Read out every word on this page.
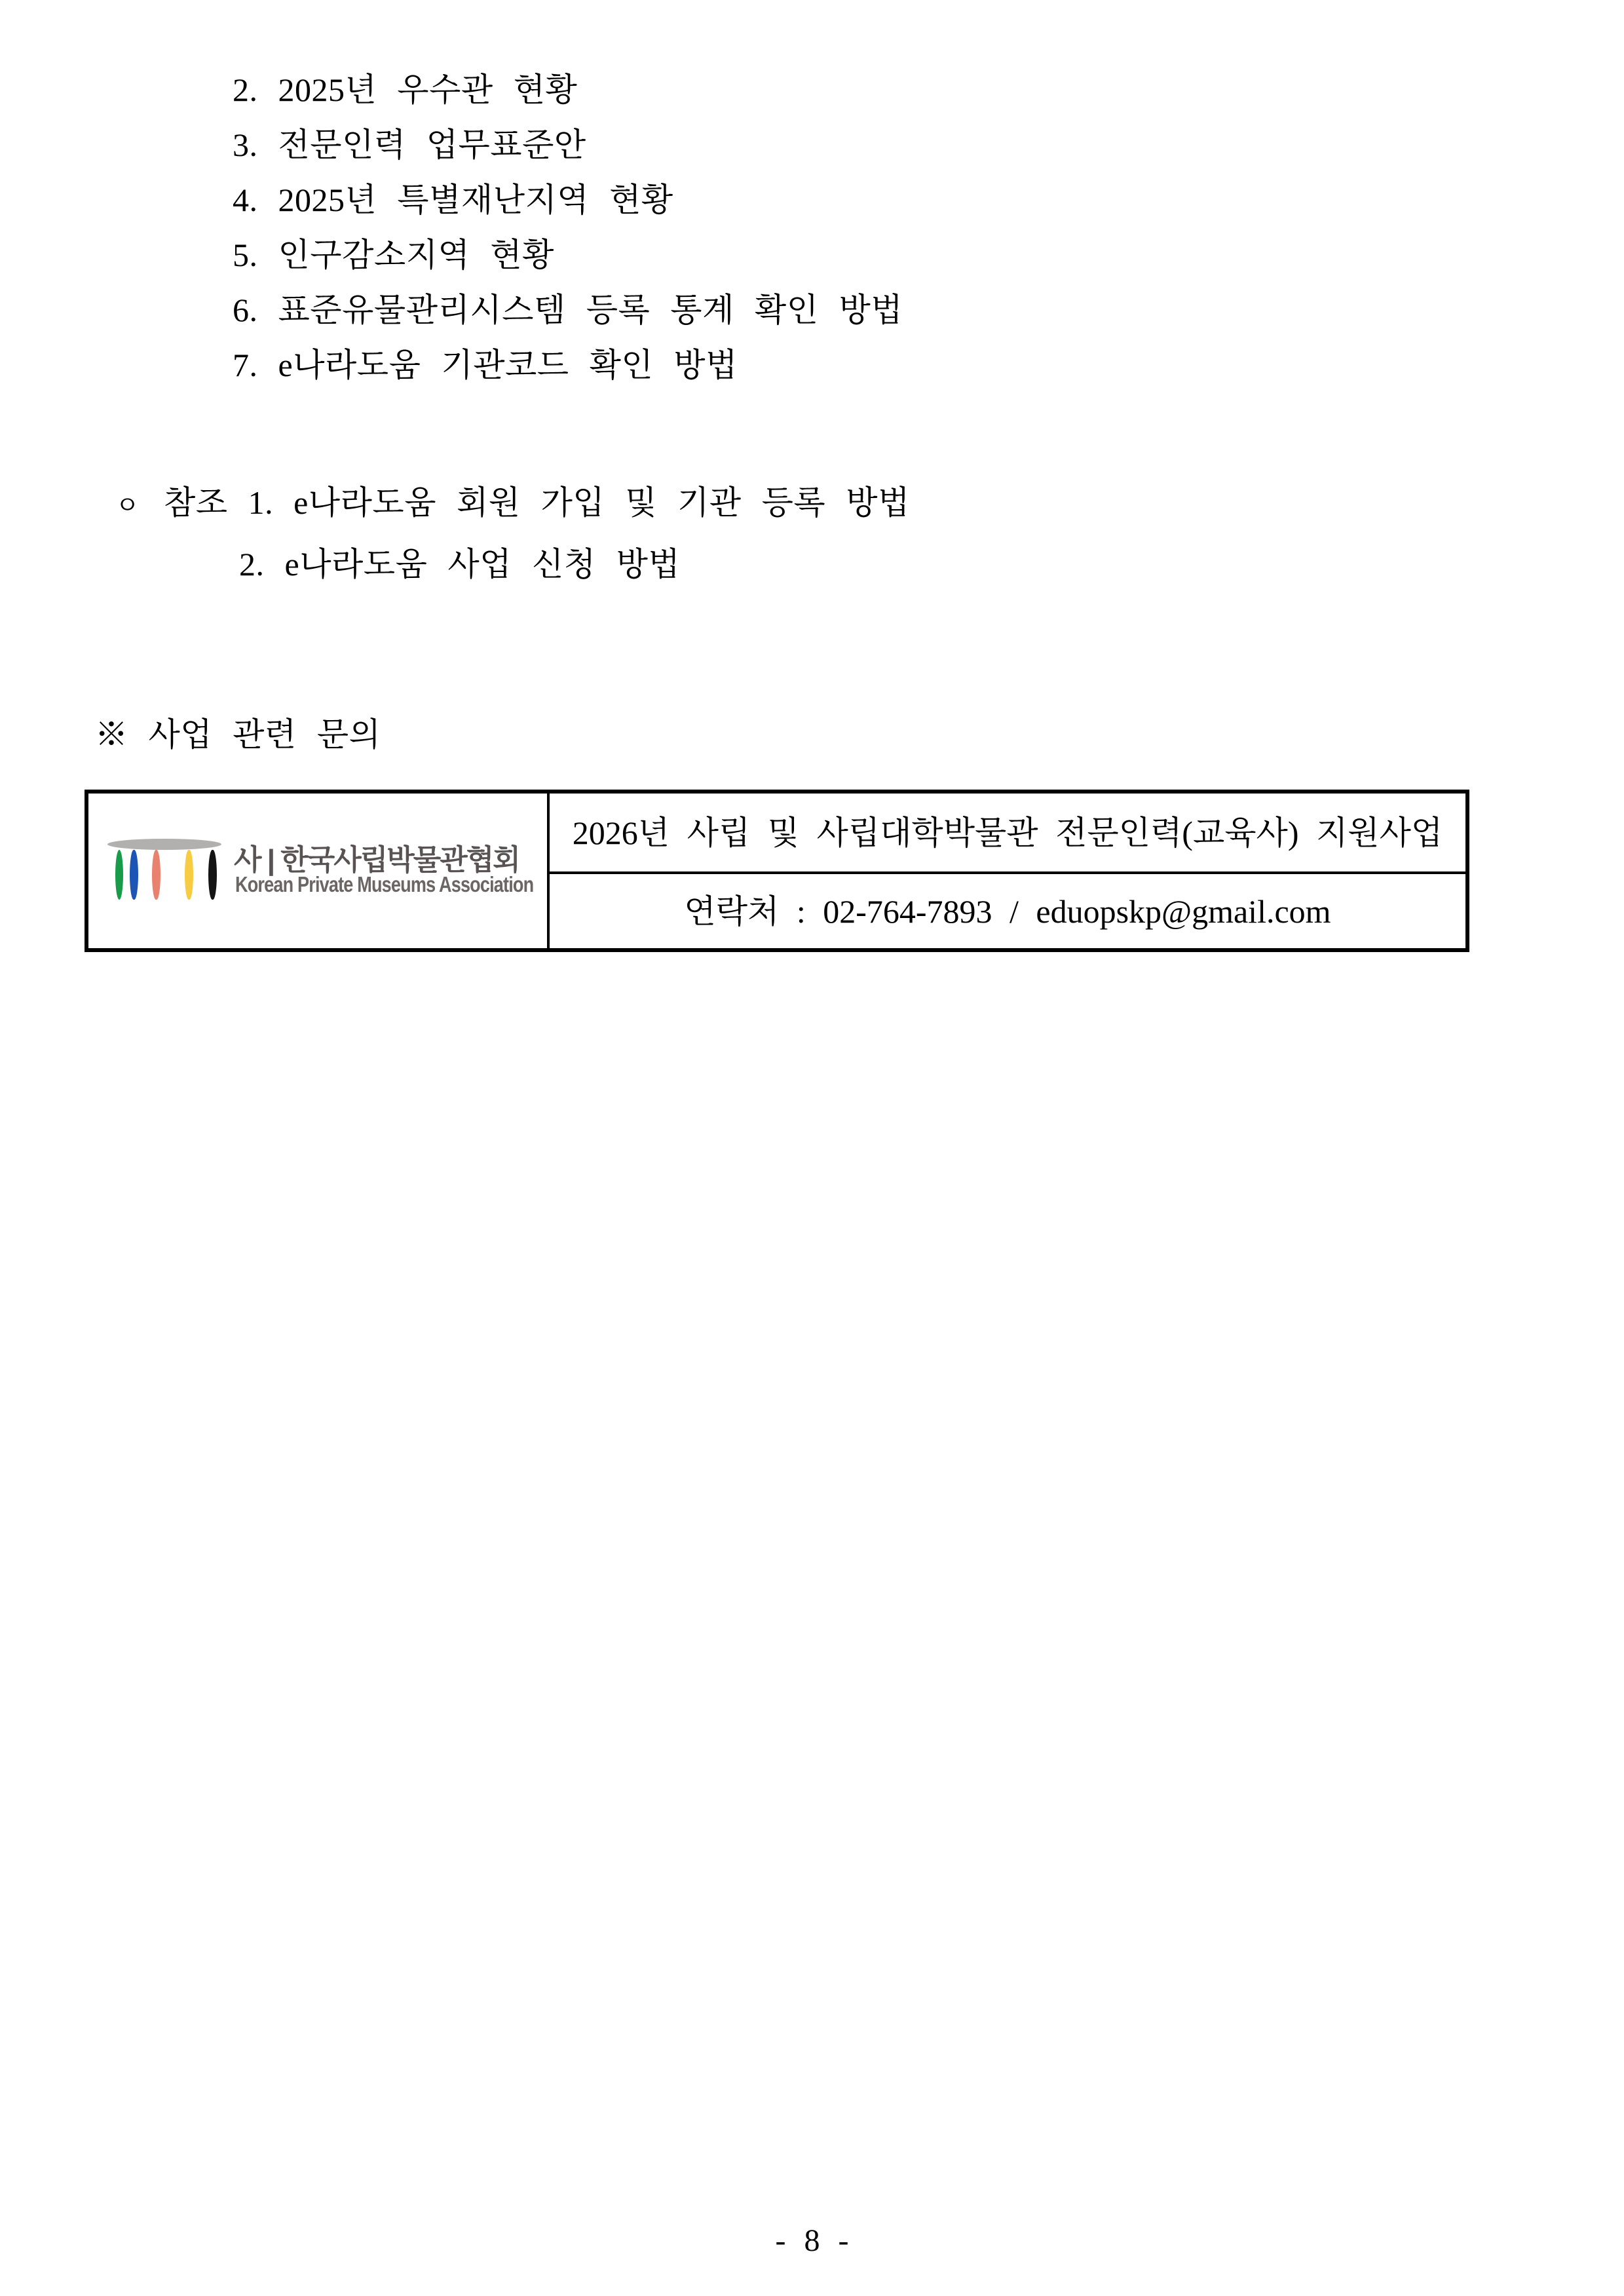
2. 2025년 우수관 현황
3. 전문인력 업무표준안
4. 2025년 특별재난지역 현황
5. 인구감소지역 현황
6. 표준유물관리시스템 등록 통계 확인 방법
7. e나라도움 기관코드 확인 방법
ㅇ 참조 1. e나라도움 회원 가입 및 기관 등록 방법
2. e나라도움 사업 신청 방법
※ 사업 관련 문의
사 | 한국사립박물관협회
Korean Private Museums Association
2026년 사립 및 사립대학박물관 전문인력(교육사) 지원사업
연락처 : 02-764-7893 / eduopskp@gmail.com
- 8 -
